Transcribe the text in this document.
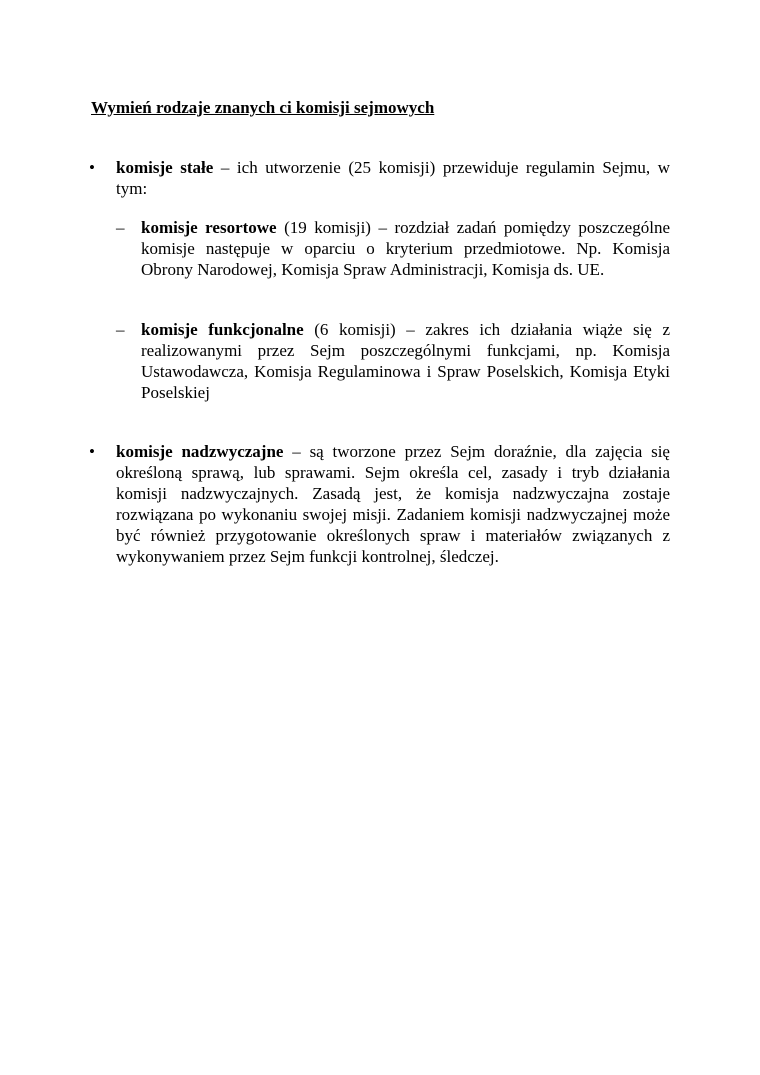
Wymień rodzaje znanych ci komisji sejmowych
• komisje stałe – ich utworzenie (25 komisji) przewiduje regulamin Sejmu, w tym:
– komisje resortowe (19 komisji) – rozdział zadań pomiędzy poszczególne komisje następuje w oparciu o kryterium przedmiotowe. Np. Komisja Obrony Narodowej, Komisja Spraw Administracji, Komisja ds. UE.
– komisje funkcjonalne (6 komisji) – zakres ich działania wiąże się z realizowanymi przez Sejm poszczególnymi funkcjami, np. Komisja Ustawodawcza, Komisja Regulaminowa i Spraw Poselskich, Komisja Etyki Poselskiej
• komisje nadzwyczajne – są tworzone przez Sejm doraźnie, dla zajęcia się określoną sprawą, lub sprawami. Sejm określa cel, zasady i tryb działania komisji nadzwyczajnych. Zasadą jest, że komisja nadzwyczajna zostaje rozwiązana po wykonaniu swojej misji. Zadaniem komisji nadzwyczajnej może być również przygotowanie określonych spraw i materiałów związanych z wykonywaniem przez Sejm funkcji kontrolnej, śledczej.
